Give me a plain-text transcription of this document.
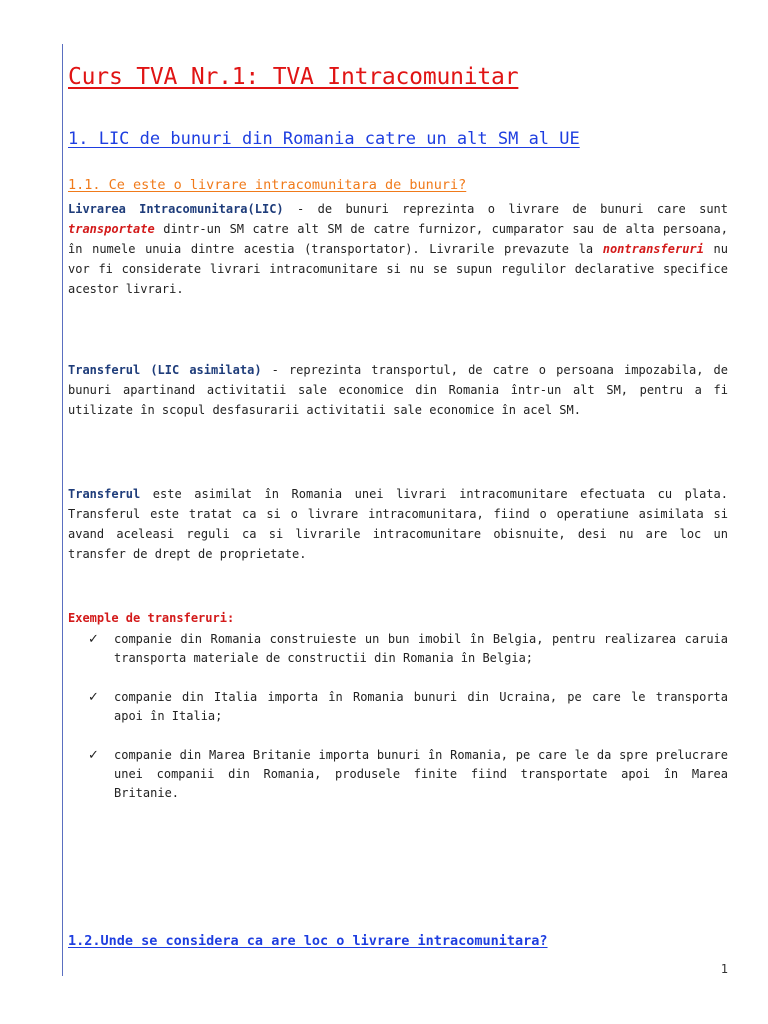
Curs TVA Nr.1: TVA Intracomunitar
1. LIC de bunuri din Romania catre un alt SM al UE
1.1. Ce este o livrare intracomunitara de bunuri?

Livrarea Intracomunitara(LIC) - de bunuri reprezinta o livrare de bunuri care sunt transportate dintr-un SM catre alt SM de catre furnizor, cumparator sau de alta persoana, în numele unuia dintre acestia (transportator). Livrarile prevazute la nontransferuri nu vor fi considerate livrari intracomunitare si nu se supun regulilor declarative specifice acestor livrari.

Transferul (LIC asimilata) - reprezinta transportul, de catre o persoana impozabila, de bunuri apartinand activitatii sale economice din Romania într-un alt SM, pentru a fi utilizate în scopul desfasurarii activitatii sale economice în acel SM.

Transferul este asimilat în Romania unei livrari intracomunitare efectuata cu plata. Transferul este tratat ca si o livrare intracomunitara, fiind o operatiune asimilata si avand aceleasi reguli ca si livrarile intracomunitare obisnuite, desi nu are loc un transfer de drept de proprietate.

Exemple de transferuri:

✓ companie din Romania construieste un bun imobil în Belgia, pentru realizarea caruia transporta materiale de constructii din Romania în Belgia;
✓ companie din Italia importa în Romania bunuri din Ucraina, pe care le transporta apoi în Italia;
✓ companie din Marea Britanie importa bunuri în Romania, pe care le da spre prelucrare unei companii din Romania, produsele finite fiind transportate apoi în Marea Britanie.
1.2.Unde se considera ca are loc o livrare intracomunitara?
1
